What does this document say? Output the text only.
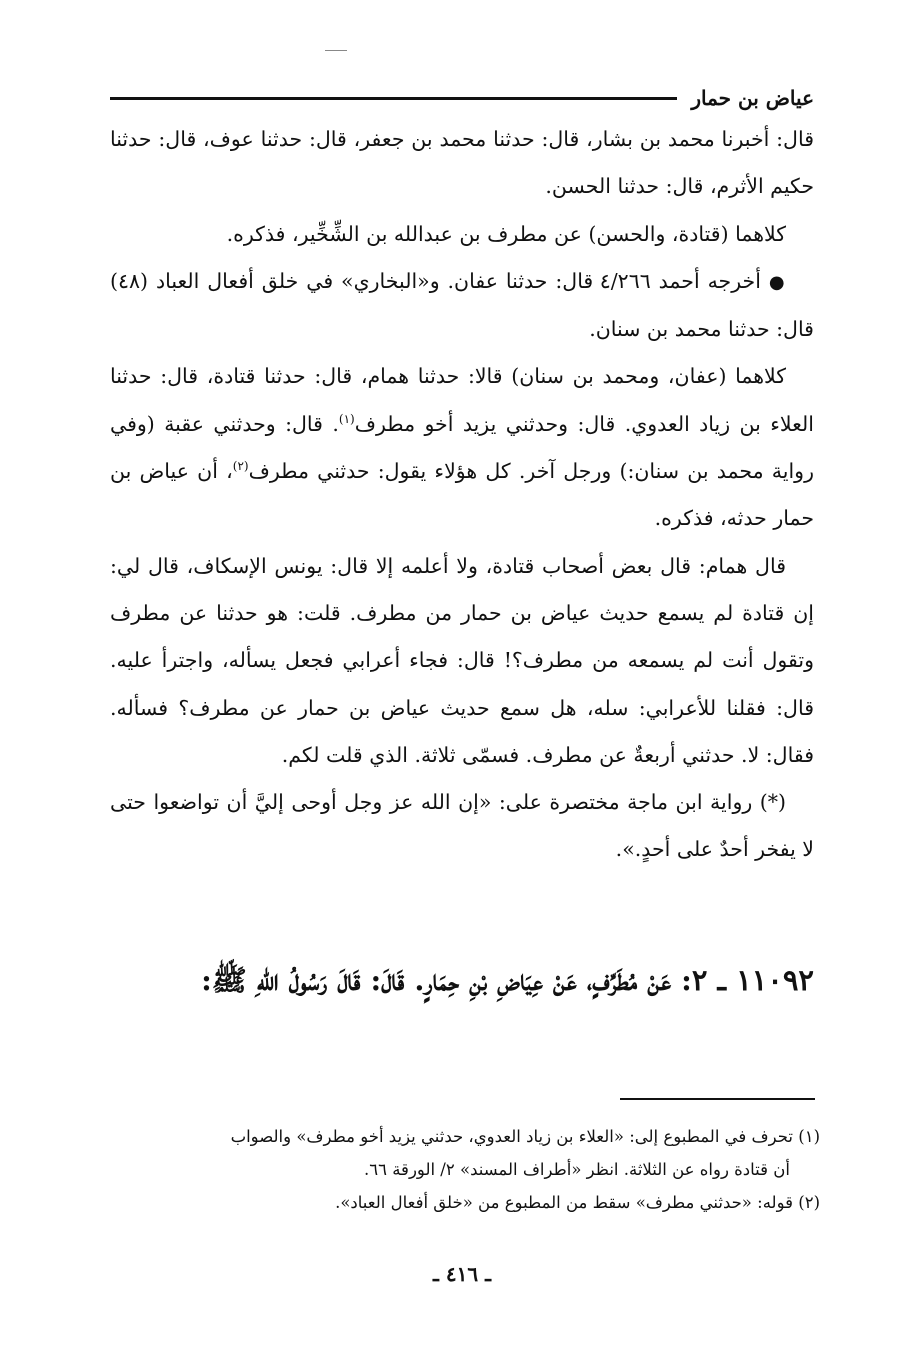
عياض بن حمار

قال: أخبرنا محمد بن بشار، قال: حدثنا محمد بن جعفر، قال: حدثنا عوف، قال: حدثنا حكيم الأثرم، قال: حدثنا الحسن.

كلاهما (قتادة، والحسن) عن مطرف بن عبدالله بن الشِّخِّير، فذكره.

● أخرجه أحمد ٤/٢٦٦ قال: حدثنا عفان. و«البخاري» في خلق أفعال العباد (٤٨) قال: حدثنا محمد بن سنان.

كلاهما (عفان، ومحمد بن سنان) قالا: حدثنا همام، قال: حدثنا قتادة، قال: حدثنا العلاء بن زياد العدوي. قال: وحدثني يزيد أخو مطرف$^{(١)}$. قال: وحدثني عقبة (وفي رواية محمد بن سنان:) ورجل آخر. كل هؤلاء يقول: حدثني مطرف$^{(٢)}$، أن عياض بن حمار حدثه، فذكره.

قال همام: قال بعض أصحاب قتادة، ولا أعلمه إلا قال: يونس الإسكاف، قال لي: إن قتادة لم يسمع حديث عياض بن حمار من مطرف. قلت: هو حدثنا عن مطرف وتقول أنت لم يسمعه من مطرف؟! قال: فجاء أعرابي فجعل يسأله، واجترأ عليه. قال: فقلنا للأعرابي: سله، هل سمع حديث عياض بن حمار عن مطرف؟ فسأله. فقال: لا. حدثني أربعةٌ عن مطرف. فسمّى ثلاثة. الذي قلت لكم.

(*) رواية ابن ماجة مختصرة على: «إن الله عز وجل أوحى إليَّ أن تواضعوا حتى لا يفخر أحدٌ على أحدٍ.».

١١٠٩٢ ـ ٢: عَنْ مُطَرِّفٍ، عَنْ عِيَاضِ بْنِ حِمَارٍ. قَالَ: قَالَ رَسُولُ اللهِ ﷺ:

(١) تحرف في المطبوع إلى: «العلاء بن زياد العدوي، حدثني يزيد أخو مطرف» والصواب

أن قتادة رواه عن الثلاثة. انظر «أطراف المسند» ٢/ الورقة ٦٦.

(٢) قوله: «حدثني مطرف» سقط من المطبوع من «خلق أفعال العباد».

ـ ٤١٦ ـ
